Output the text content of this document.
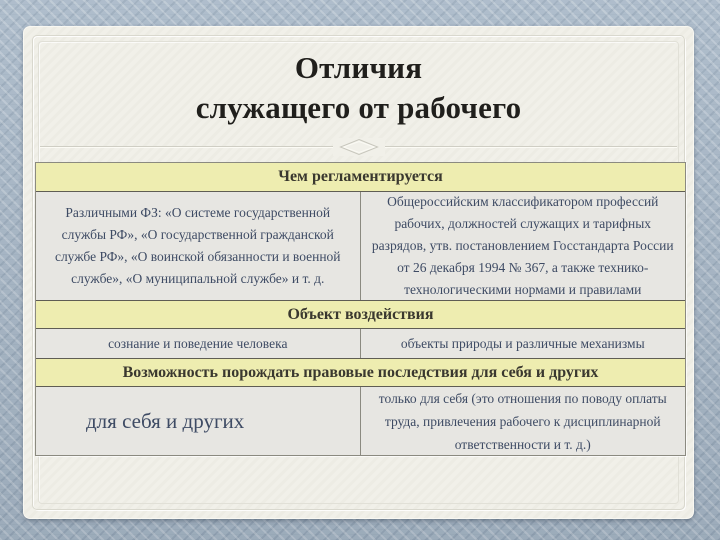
Отличия
служащего от рабочего
Чем регламентируется
Различными ФЗ: «О системе государственной службы РФ», «О государственной гражданской службе РФ», «О воинской обязанности и военной службе», «О муниципальной службе» и т. д.
Общероссийским классификатором профессий рабочих, должностей служащих и тарифных разрядов, утв. постановлением Госстандарта России от 26 декабря 1994 № 367, а также технико-технологическими нормами и правилами
Объект воздействия
сознание и поведение человека	объекты природы и различные механизмы
Возможность порождать правовые последствия для себя и других
для себя и других
только для себя (это отношения по поводу оплаты труда, привлечения рабочего к дисциплинарной ответственности и т. д.)
